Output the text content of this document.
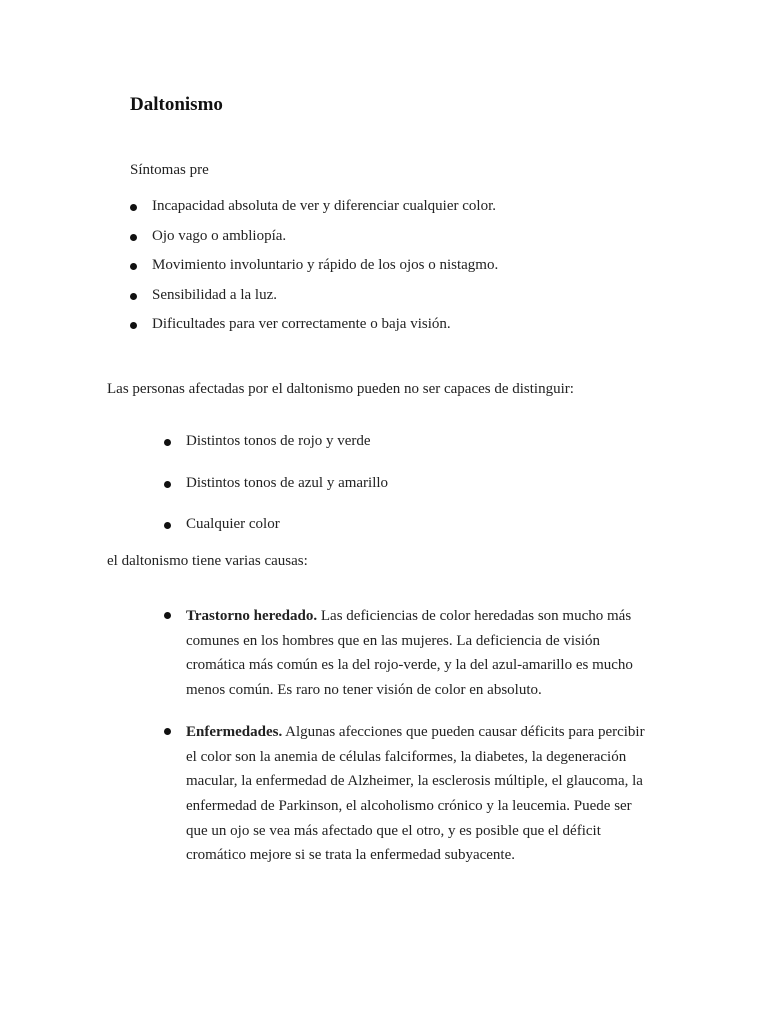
Daltonismo

Síntomas pre

Incapacidad absoluta de ver y diferenciar cualquier color.
Ojo vago o ambliopía.
Movimiento involuntario y rápido de los ojos o nistagmo.
Sensibilidad a la luz.
Dificultades para ver correctamente o baja visión.

Las personas afectadas por el daltonismo pueden no ser capaces de distinguir:

Distintos tonos de rojo y verde
Distintos tonos de azul y amarillo
Cualquier color

el daltonismo tiene varias causas:

Trastorno heredado. Las deficiencias de color heredadas son mucho más comunes en los hombres que en las mujeres. La deficiencia de visión cromática más común es la del rojo-verde, y la del azul-amarillo es mucho menos común. Es raro no tener visión de color en absoluto.
Enfermedades. Algunas afecciones que pueden causar déficits para percibir el color son la anemia de células falciformes, la diabetes, la degeneración macular, la enfermedad de Alzheimer, la esclerosis múltiple, el glaucoma, la enfermedad de Parkinson, el alcoholismo crónico y la leucemia. Puede ser que un ojo se vea más afectado que el otro, y es posible que el déficit cromático mejore si se trata la enfermedad subyacente.
